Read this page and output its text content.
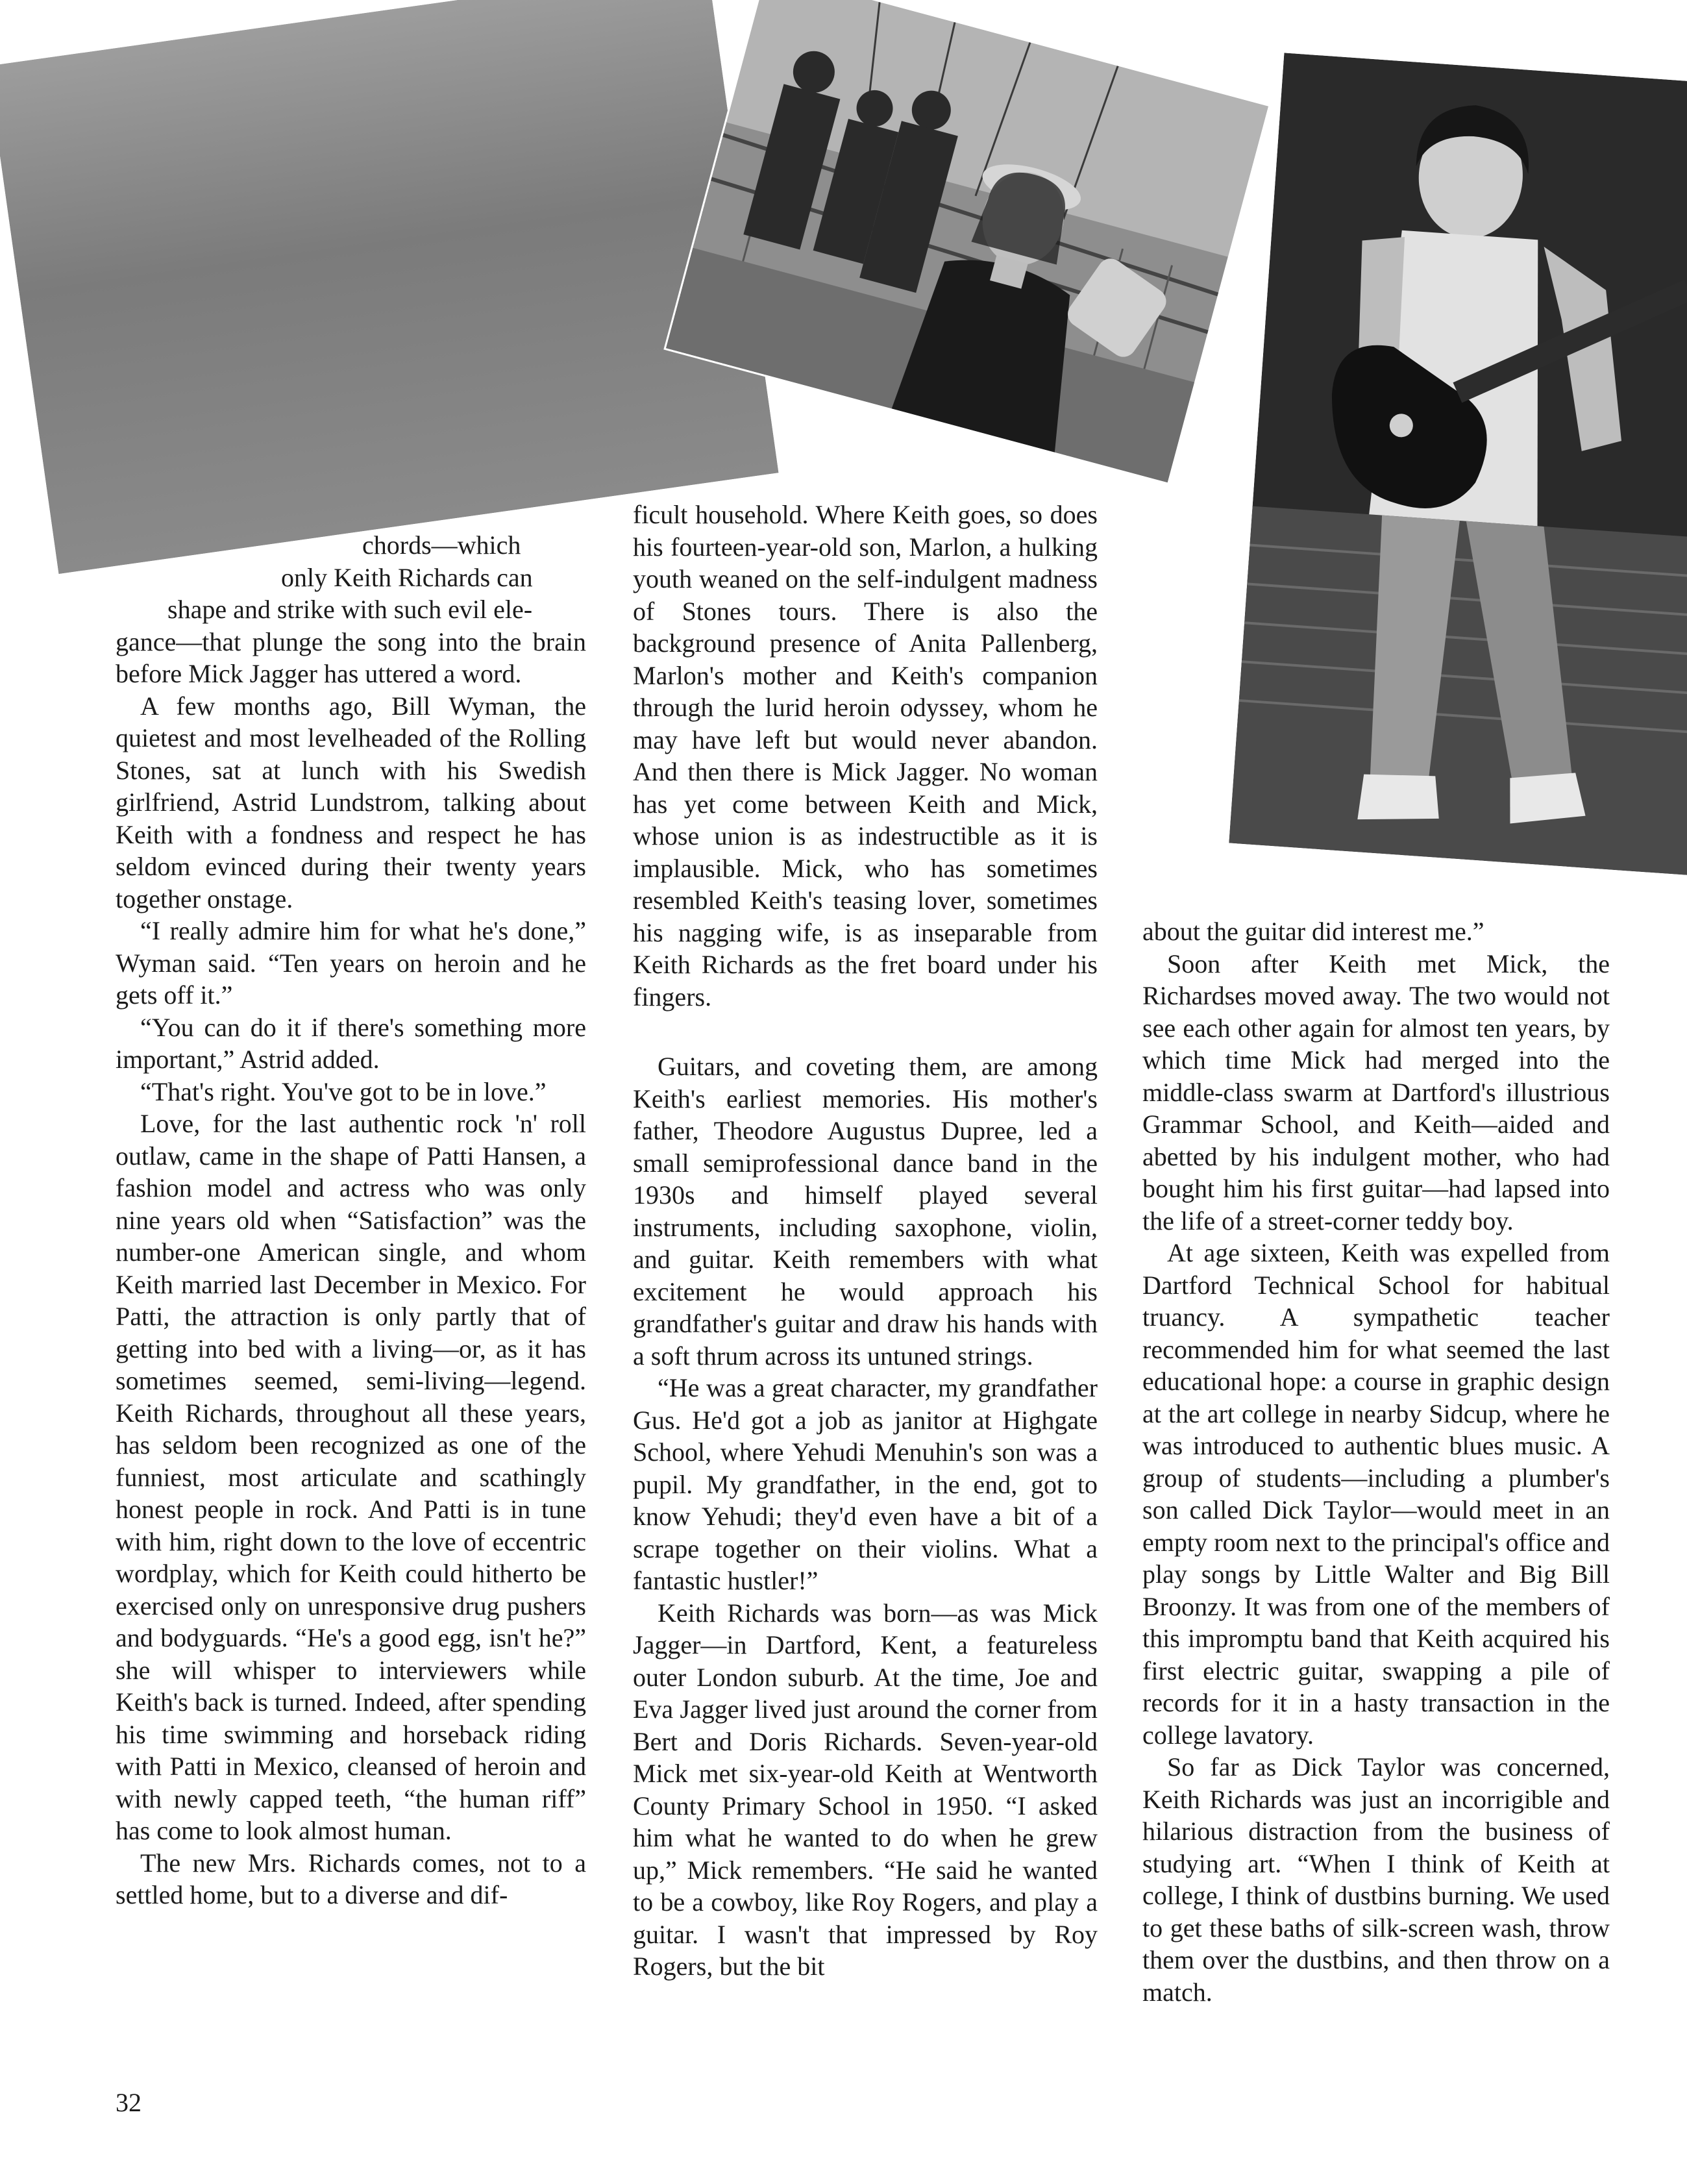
chords—which

only Keith Richards can

shape and strike with such evil ele-

gance—that plunge the song into the brain before Mick Jagger has uttered a word.

A few months ago, Bill Wyman, the quietest and most levelheaded of the Rolling Stones, sat at lunch with his Swedish girlfriend, Astrid Lundstrom, talking about Keith with a fondness and respect he has seldom evinced during their twenty years together onstage.

“I really admire him for what he's done,” Wyman said. “Ten years on heroin and he gets off it.”

“You can do it if there's something more important,” Astrid added.

“That's right. You've got to be in love.”

Love, for the last authentic rock 'n' roll outlaw, came in the shape of Patti Hansen, a fashion model and actress who was only nine years old when “Satisfaction” was the number-one American single, and whom Keith married last December in Mexico. For Patti, the attraction is only partly that of getting into bed with a living—or, as it has sometimes seemed, semi-living—legend. Keith Richards, throughout all these years, has seldom been recognized as one of the funniest, most articulate and scathingly honest people in rock. And Patti is in tune with him, right down to the love of eccentric wordplay, which for Keith could hitherto be exercised only on unresponsive drug pushers and bodyguards. “He's a good egg, isn't he?” she will whisper to interviewers while Keith's back is turned. Indeed, after spending his time swimming and horseback riding with Patti in Mexico, cleansed of heroin and with newly capped teeth, “the human riff” has come to look almost human.

The new Mrs. Richards comes, not to a settled home, but to a diverse and dif-

ficult household. Where Keith goes, so does his fourteen-year-old son, Marlon, a hulking youth weaned on the self-indulgent madness of Stones tours. There is also the background presence of Anita Pallenberg, Marlon's mother and Keith's companion through the lurid heroin odyssey, whom he may have left but would never abandon. And then there is Mick Jagger. No woman has yet come between Keith and Mick, whose union is as indestructible as it is implausible. Mick, who has sometimes resembled Keith's teasing lover, sometimes his nagging wife, is as inseparable from Keith Richards as the fret board under his fingers.

Guitars, and coveting them, are among Keith's earliest memories. His mother's father, Theodore Augustus Dupree, led a small semiprofessional dance band in the 1930s and himself played several instruments, including saxophone, violin, and guitar. Keith remembers with what excitement he would approach his grandfather's guitar and draw his hands with a soft thrum across its untuned strings.

“He was a great character, my grandfather Gus. He'd got a job as janitor at Highgate School, where Yehudi Menuhin's son was a pupil. My grandfather, in the end, got to know Yehudi; they'd even have a bit of a scrape together on their violins. What a fantastic hustler!”

Keith Richards was born—as was Mick Jagger—in Dartford, Kent, a featureless outer London suburb. At the time, Joe and Eva Jagger lived just around the corner from Bert and Doris Richards. Seven-year-old Mick met six-year-old Keith at Wentworth County Primary School in 1950. “I asked him what he wanted to do when he grew up,” Mick remembers. “He said he wanted to be a cowboy, like Roy Rogers, and play a guitar. I wasn't that impressed by Roy Rogers, but the bit

about the guitar did interest me.”

Soon after Keith met Mick, the Richardses moved away. The two would not see each other again for almost ten years, by which time Mick had merged into the middle-class swarm at Dartford's illustrious Grammar School, and Keith—aided and abetted by his indulgent mother, who had bought him his first guitar—had lapsed into the life of a street-corner teddy boy.

At age sixteen, Keith was expelled from Dartford Technical School for habitual truancy. A sympathetic teacher recommended him for what seemed the last educational hope: a course in graphic design at the art college in nearby Sidcup, where he was introduced to authentic blues music. A group of students—including a plumber's son called Dick Taylor—would meet in an empty room next to the principal's office and play songs by Little Walter and Big Bill Broonzy. It was from one of the members of this impromptu band that Keith acquired his first electric guitar, swapping a pile of records for it in a hasty transaction in the college lavatory.

So far as Dick Taylor was concerned, Keith Richards was just an incorrigible and hilarious distraction from the business of studying art. “When I think of Keith at college, I think of dustbins burning. We used to get these baths of silk-screen wash, throw them over the dustbins, and then throw on a match.

32
